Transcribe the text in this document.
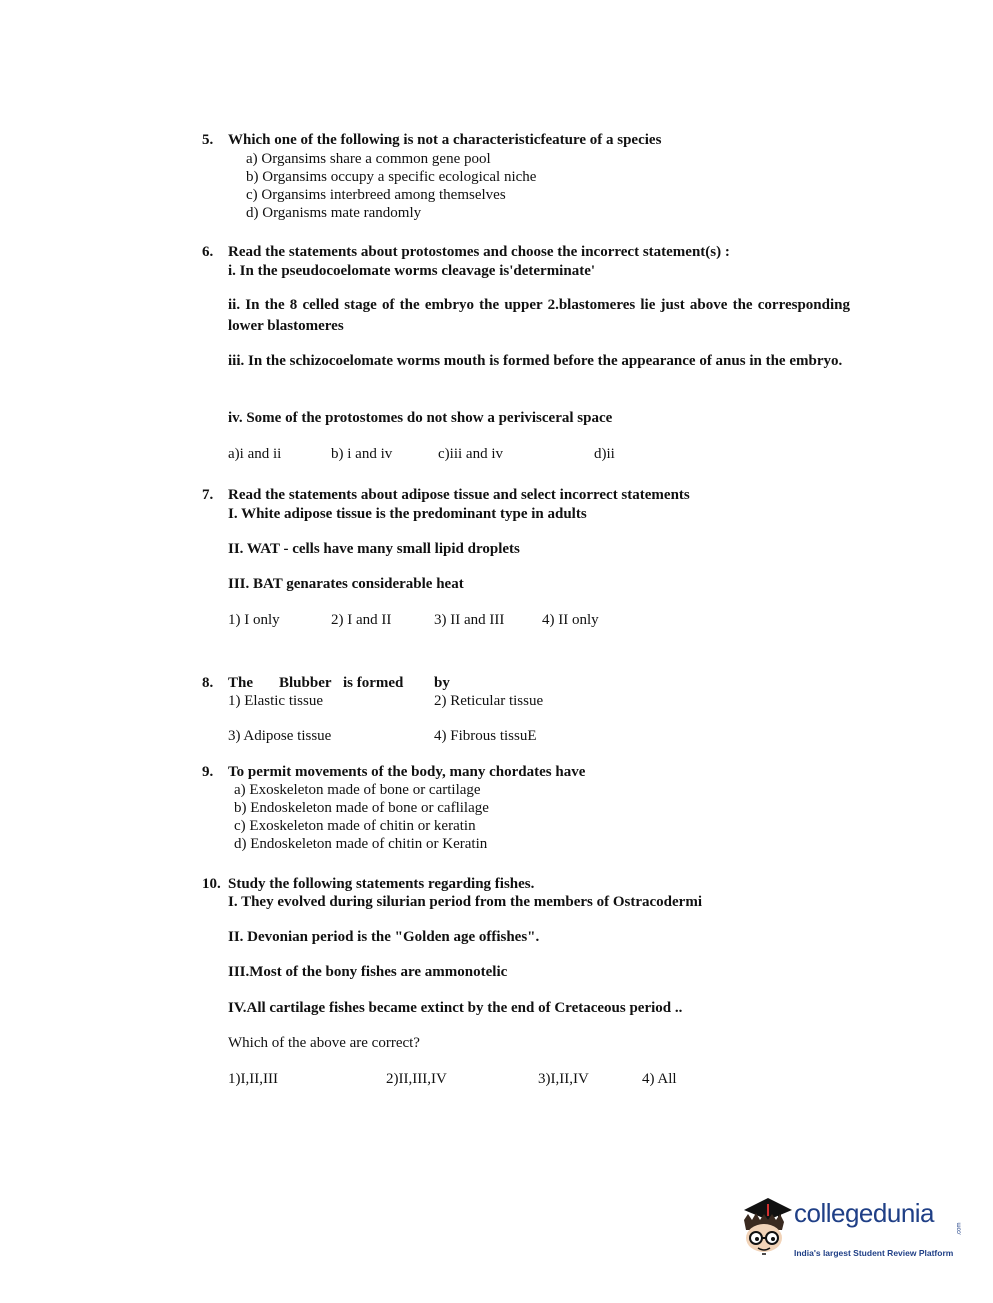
5. Which one of the following is not a characteristicfeature of a species
a) Organsims share a common gene pool
b) Organsims occupy a specific ecological niche
c) Organsims interbreed among themselves
d) Organisms mate randomly
6. Read the statements about protostomes and choose the incorrect statement(s) :
i. In the pseudocoelomate worms cleavage is'determinate'
ii. In the 8 celled stage of the embryo the upper 2.blastomeres lie just above the corresponding lower blastomeres
iii. In the schizocoelomate worms mouth is formed before the appearance of anus in the embryo.
iv. Some of the protostomes do not show a perivisceral space
a)i and ii	b) i and iv	c)iii and iv	d)ii
7. Read the statements about adipose tissue and select incorrect statements
I. White adipose tissue is the predominant type in adults
II. WAT - cells have many small lipid droplets
III. BAT genarates considerable heat
1) I only	2) I and II	3) II and III	4) II only
8. The Blubber is formed by
1) Elastic tissue	2) Reticular tissue
3) Adipose tissue	4) Fibrous tissuE
9. To permit movements of the body, many chordates have
a) Exoskeleton made of bone or cartilage
b) Endoskeleton made of bone or caflilage
c) Exoskeleton made of chitin or keratin
d) Endoskeleton made of chitin or Keratin
10. Study the following statements regarding fishes.
I. They evolved during silurian period from the members of Ostracodermi
II. Devonian period is the "Golden age offishes".
III.Most of the bony fishes are ammonotelic
IV.All cartilage fishes became extinct by the end of Cretaceous period ..
Which of the above are correct?
1)I,II,III	2)II,III,IV	3)I,II,IV	4) All
collegedunia
.com
India's largest Student Review Platform
